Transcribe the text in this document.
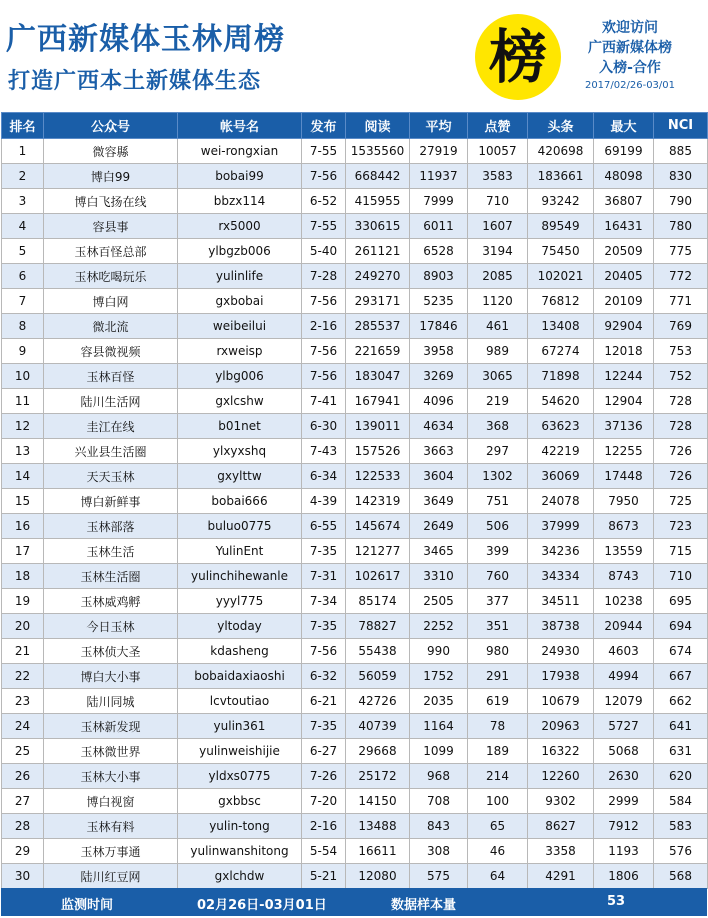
广西新媒体玉林周榜
打造广西本土新媒体生态	榜	欢迎访问
广西新媒体榜
入榜-合作
2017/02/26-03/01
排名	公众号	帐号名	发布	阅读	平均	点赞	头条	最大	NCI
1	微容縣	wei-rongxian	7-55	1535560	27919	10057	420698	69199	885
2	博白99	bobai99	7-56	668442	11937	3583	183661	48098	830
3	博白飞扬在线	bbzx114	6-52	415955	7999	710	93242	36807	790
4	容县事	rx5000	7-55	330615	6011	1607	89549	16431	780
5	玉林百怪总部	ylbgzb006	5-40	261121	6528	3194	75450	20509	775
6	玉林吃喝玩乐	yulinlife	7-28	249270	8903	2085	102021	20405	772
7	博白网	gxbobai	7-56	293171	5235	1120	76812	20109	771
8	微北流	weibeilui	2-16	285537	17846	461	13408	92904	769
9	容县微视频	rxweisp	7-56	221659	3958	989	67274	12018	753
10	玉林百怪	ylbg006	7-56	183047	3269	3065	71898	12244	752
11	陆川生活网	gxlcshw	7-41	167941	4096	219	54620	12904	728
12	圭江在线	b01net	6-30	139011	4634	368	63623	37136	728
13	兴业县生活圈	ylxyxshq	7-43	157526	3663	297	42219	12255	726
14	天天玉林	gxylttw	6-34	122533	3604	1302	36069	17448	726
15	博白新鲜事	bobai666	4-39	142319	3649	751	24078	7950	725
16	玉林部落	buluo0775	6-55	145674	2649	506	37999	8673	723
17	玉林生活	YulinEnt	7-35	121277	3465	399	34236	13559	715
18	玉林生活圈	yulinchihewanle	7-31	102617	3310	760	34334	8743	710
19	玉林威鸡孵	yyyl775	7-34	85174	2505	377	34511	10238	695
20	今日玉林	yltoday	7-35	78827	2252	351	38738	20944	694
21	玉林侦大圣	kdasheng	7-56	55438	990	980	24930	4603	674
22	博白大小事	bobaidaxiaoshi	6-32	56059	1752	291	17938	4994	667
23	陆川同城	lcvtoutiao	6-21	42726	2035	619	10679	12079	662
24	玉林新发现	yulin361	7-35	40739	1164	78	20963	5727	641
25	玉林微世界	yulinweishijie	6-27	29668	1099	189	16322	5068	631
26	玉林大小事	yldxs0775	7-26	25172	968	214	12260	2630	620
27	博白视窗	gxbbsc	7-20	14150	708	100	9302	2999	584
28	玉林有料	yulin-tong	2-16	13488	843	65	8627	7912	583
29	玉林万事通	yulinwanshitong	5-54	16611	308	46	3358	1193	576
30	陆川红豆网	gxlchdw	5-21	12080	575	64	4291	1806	568
监测时间	02月26日-03月01日	数据样本量	53
